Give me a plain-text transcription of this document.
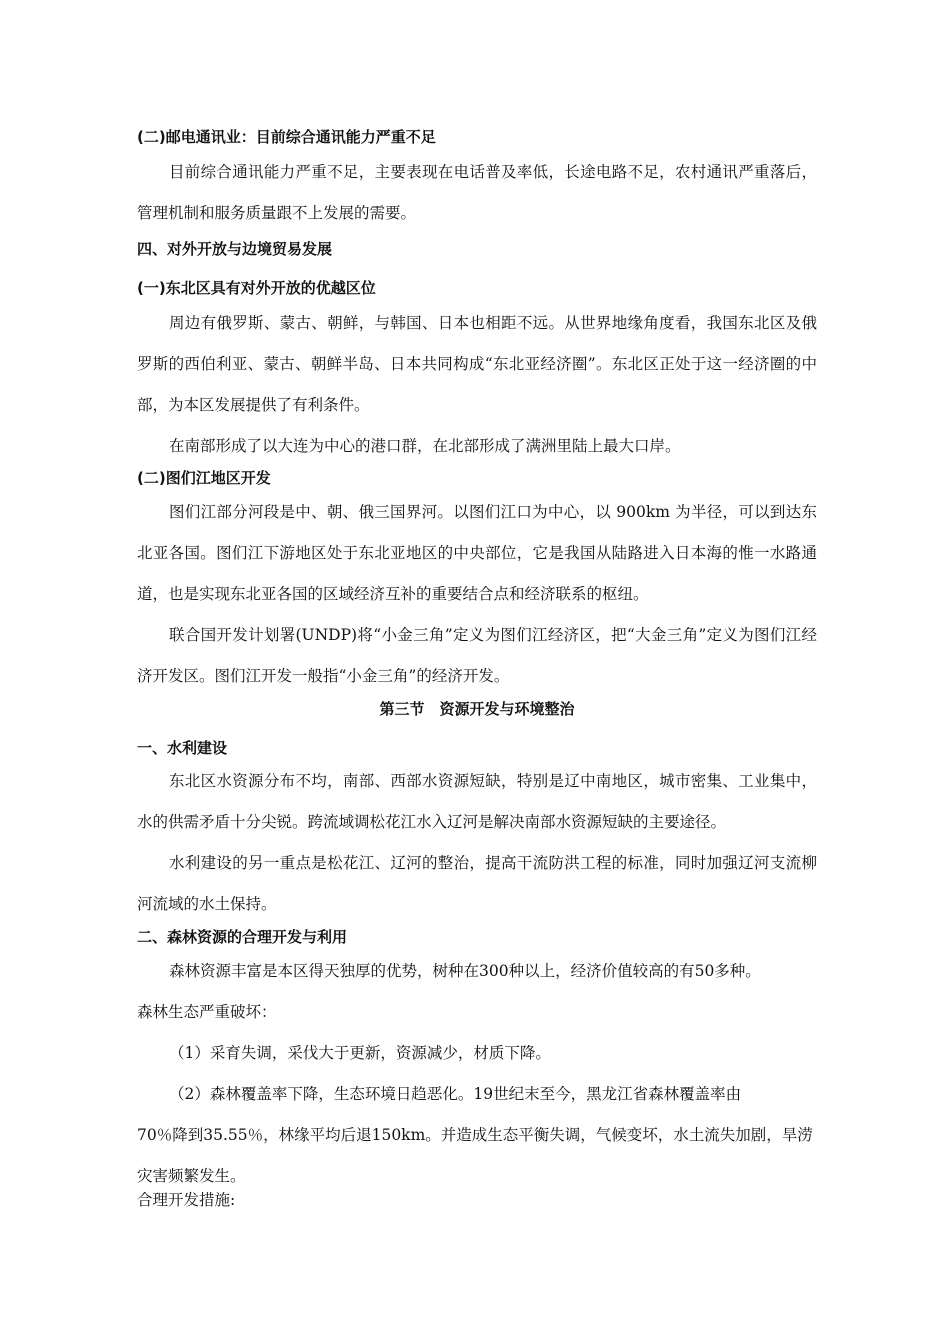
(二)邮电通讯业：目前综合通讯能力严重不足
目前综合通讯能力严重不足，主要表现在电话普及率低，长途电路不足，农村通讯严重落后，管理机制和服务质量跟不上发展的需要。
四、对外开放与边境贸易发展
(一)东北区具有对外开放的优越区位
周边有俄罗斯、蒙古、朝鲜，与韩国、日本也相距不远。从世界地缘角度看，我国东北区及俄罗斯的西伯利亚、蒙古、朝鲜半岛、日本共同构成“东北亚经济圈”。东北区正处于这一经济圈的中部，为本区发展提供了有利条件。
在南部形成了以大连为中心的港口群，在北部形成了满洲里陆上最大口岸。
(二)图们江地区开发
图们江部分河段是中、朝、俄三国界河。以图们江口为中心，以 900km 为半径，可以到达东北亚各国。图们江下游地区处于东北亚地区的中央部位，它是我国从陆路进入日本海的惟一水路通道，也是实现东北亚各国的区域经济互补的重要结合点和经济联系的枢纽。
联合国开发计划署(UNDP)将“小金三角”定义为图们江经济区，把“大金三角”定义为图们江经济开发区。图们江开发一般指“小金三角”的经济开发。
第三节　资源开发与环境整治
一、水利建设
东北区水资源分布不均，南部、西部水资源短缺，特别是辽中南地区，城市密集、工业集中，水的供需矛盾十分尖锐。跨流域调松花江水入辽河是解决南部水资源短缺的主要途径。
水利建设的另一重点是松花江、辽河的整治，提高干流防洪工程的标准，同时加强辽河支流柳河流域的水土保持。
二、森林资源的合理开发与利用
森林资源丰富是本区得天独厚的优势，树种在300种以上，经济价值较高的有50多种。
森林生态严重破坏：
（1）采育失调，采伐大于更新，资源减少，材质下降。
（2）森林覆盖率下降，生态环境日趋恶化。19世纪末至今，黑龙江省森林覆盖率由
70％降到35.55％，林缘平均后退150km。并造成生态平衡失调，气候变坏，水土流失加剧，旱涝灾害频繁发生。
合理开发措施:
